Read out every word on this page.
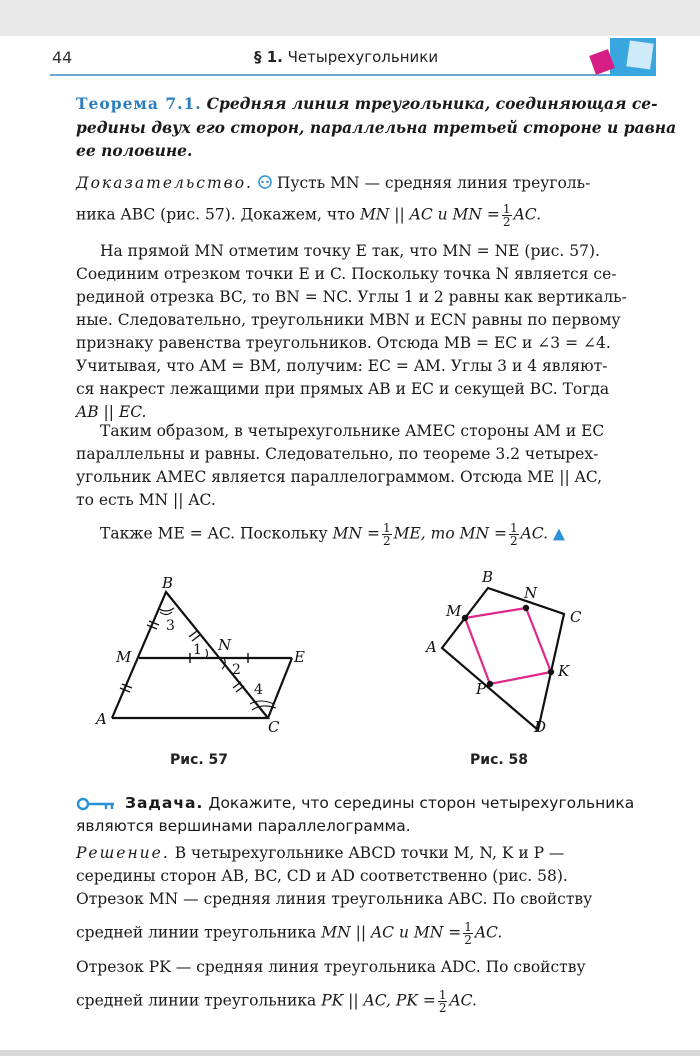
44	§ 1. Четырехугольники
Теорема 7.1. Средняя линия треугольника, соединяющая се-
редины двух его сторон, параллельна третьей стороне и равна
ее половине.
Доказательство. Пусть MN — средняя линия треуголь-
ника ABC (рис. 57). Докажем, что MN || AC и MN = $\frac{1}{2}$ AC.
На прямой MN отметим точку E так, что MN = NE (рис. 57).
Соединим отрезком точки E и C. Поскольку точка N является се-
рединой отрезка BC, то BN = NC. Углы 1 и 2 равны как вертикаль-
ные. Следовательно, треугольники MBN и ECN равны по первому
признаку равенства треугольников. Отсюда MB = EC и ∠3 = ∠4.
Учитывая, что AM = BM, получим: EC = AM. Углы 3 и 4 являют-
ся накрест лежащими при прямых AB и EC и секущей BC. Тогда
AB || EC.
Таким образом, в четырехугольнике AMEC стороны AM и EC
параллельны и равны. Следовательно, по теореме 3.2 четырех-
угольник AMEC является параллелограммом. Отсюда ME || AC,
то есть MN || AC.
Также ME = AC. Поскольку MN = $\frac{1}{2}$ ME, то MN = $\frac{1}{2}$ AC. ▲
B
M
N
E
A	C
3
1
2
4
Рис. 57
B
N
M	C
A
K
P
D
Рис. 58
Задача. Докажите, что середины сторон четырехугольника
являются вершинами параллелограмма.
Решение. В четырехугольнике ABCD точки M, N, K и P —
середины сторон AB, BC, CD и AD соответственно (рис. 58).
Отрезок MN — средняя линия треугольника ABC. По свойству
средней линии треугольника MN || AC и MN = $\frac{1}{2}$ AC.
Отрезок PK — средняя линия треугольника ADC. По свойству
средней линии треугольника PK || AC, PK = $\frac{1}{2}$ AC.
